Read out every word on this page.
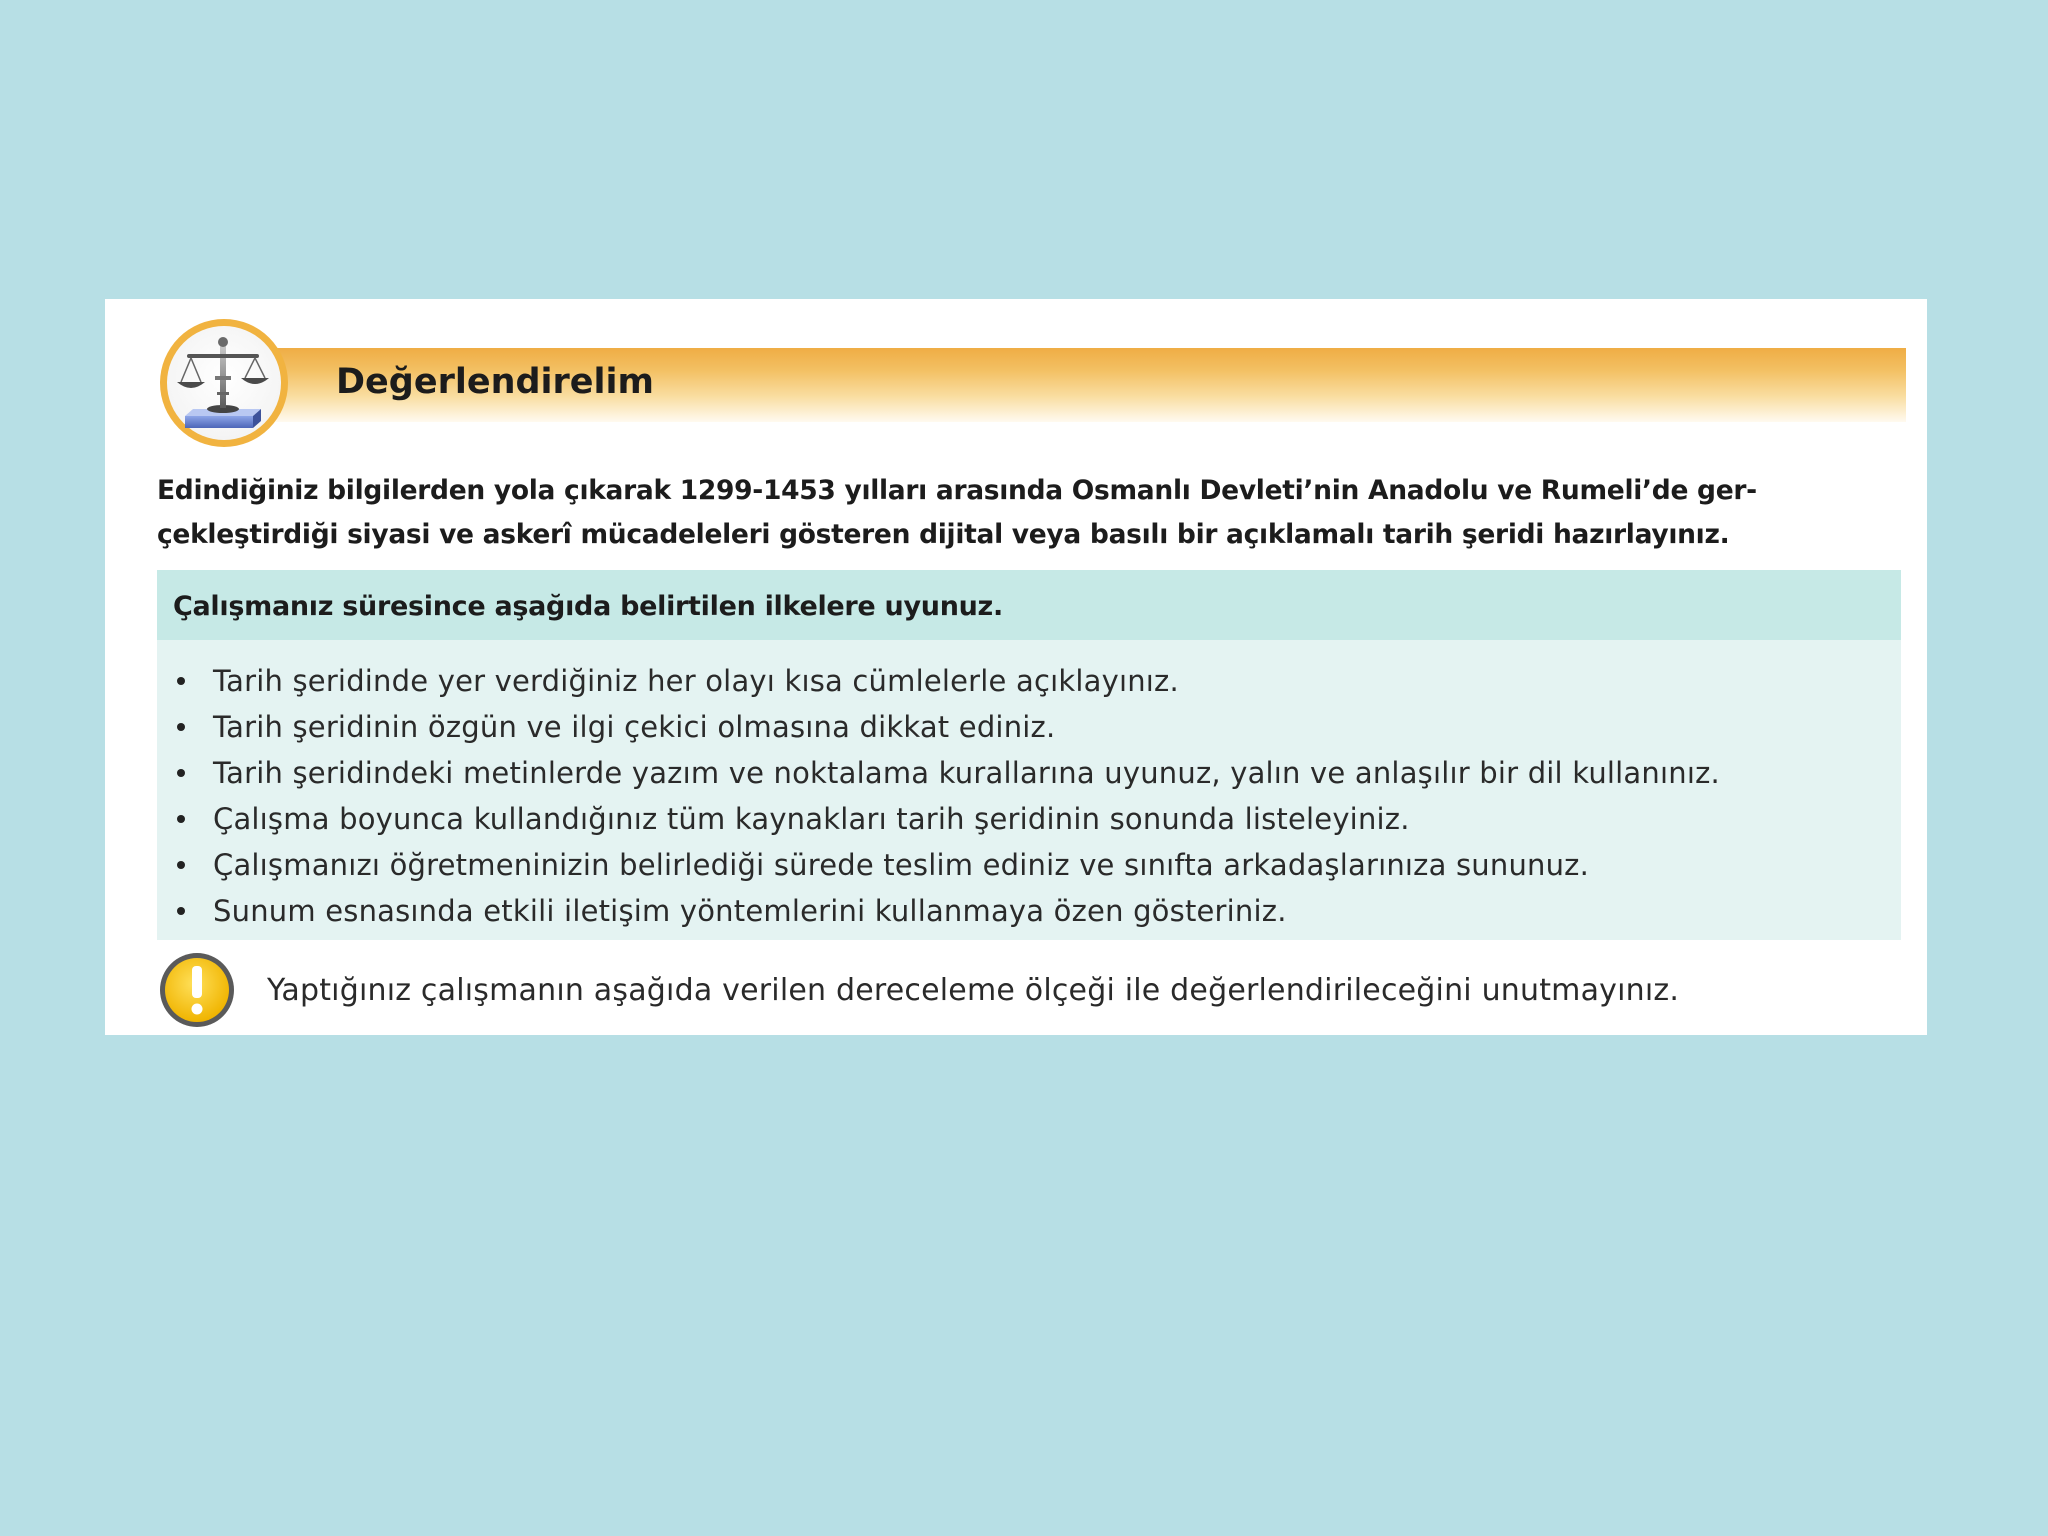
Değerlendirelim
Edindiğiniz bilgilerden yola çıkarak 1299-1453 yılları arasında Osmanlı Devleti’nin Anadolu ve Rumeli’de ger-
çekleştirdiği siyasi ve askerî mücadeleleri gösteren dijital veya basılı bir açıklamalı tarih şeridi hazırlayınız.
Çalışmanız süresince aşağıda belirtilen ilkelere uyunuz.
Tarih şeridinde yer verdiğiniz her olayı kısa cümlelerle açıklayınız.
Tarih şeridinin özgün ve ilgi çekici olmasına dikkat ediniz.
Tarih şeridindeki metinlerde yazım ve noktalama kurallarına uyunuz, yalın ve anlaşılır bir dil kullanınız.
Çalışma boyunca kullandığınız tüm kaynakları tarih şeridinin sonunda listeleyiniz.
Çalışmanızı öğretmeninizin belirlediği sürede teslim ediniz ve sınıfta arkadaşlarınıza sununuz.
Sunum esnasında etkili iletişim yöntemlerini kullanmaya özen gösteriniz.
Yaptığınız çalışmanın aşağıda verilen dereceleme ölçeği ile değerlendirileceğini unutmayınız.
